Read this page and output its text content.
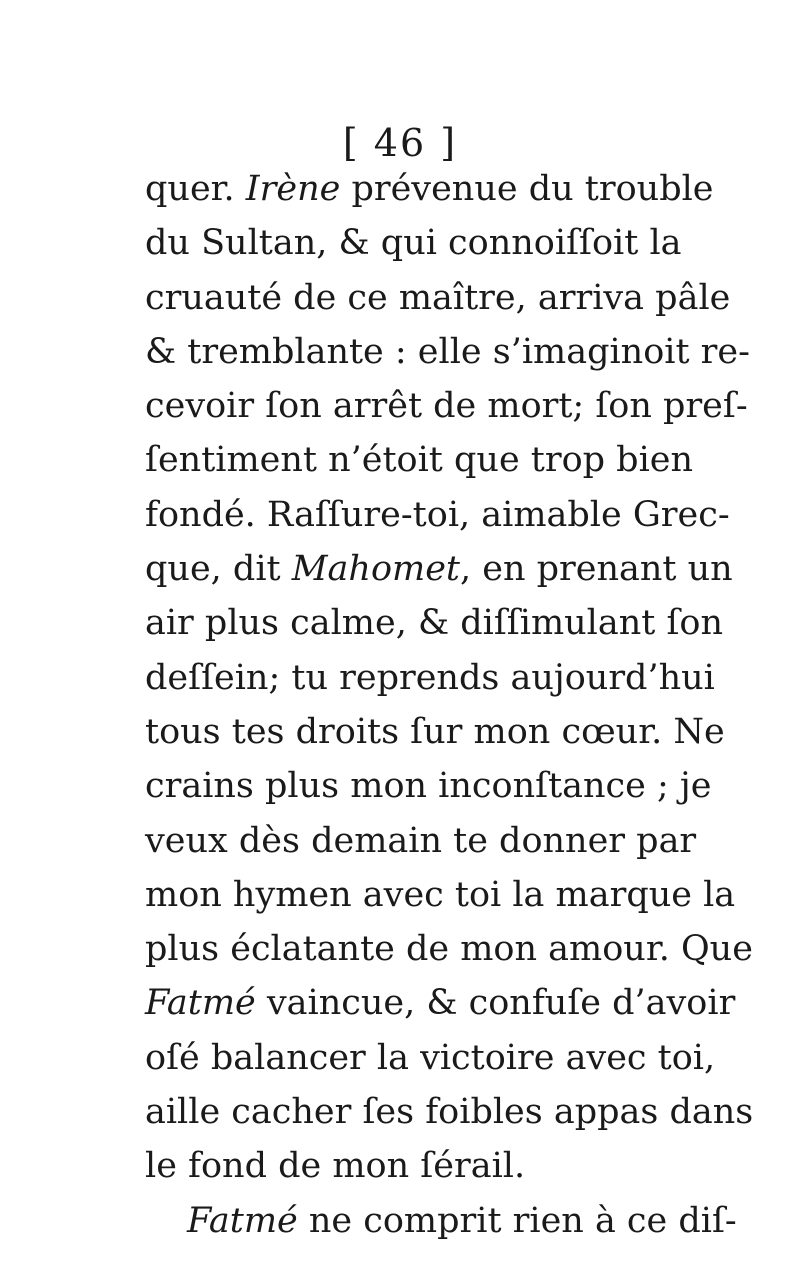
[ 46 ]
quer. Irène prévenue du trouble
du Sultan, & qui connoiſſoit la
cruauté de ce maître, arriva pâle
& tremblante : elle s’imaginoit re-
cevoir ſon arrêt de mort; ſon preſ-
ſentiment n’étoit que trop bien
fondé. Raſſure-toi, aimable Grec-
que, dit Mahomet, en prenant un
air plus calme, & diſſimulant ſon
deſſein; tu reprends aujourd’hui
tous tes droits ſur mon cœur. Ne
crains plus mon inconſtance ; je
veux dès demain te donner par
mon hymen avec toi la marque la
plus éclatante de mon amour. Que
Fatmé vaincue, & confuſe d’avoir
oſé balancer la victoire avec toi,
aille cacher ſes foibles appas dans
le fond de mon ſérail.
Fatmé ne comprit rien à ce diſ-
